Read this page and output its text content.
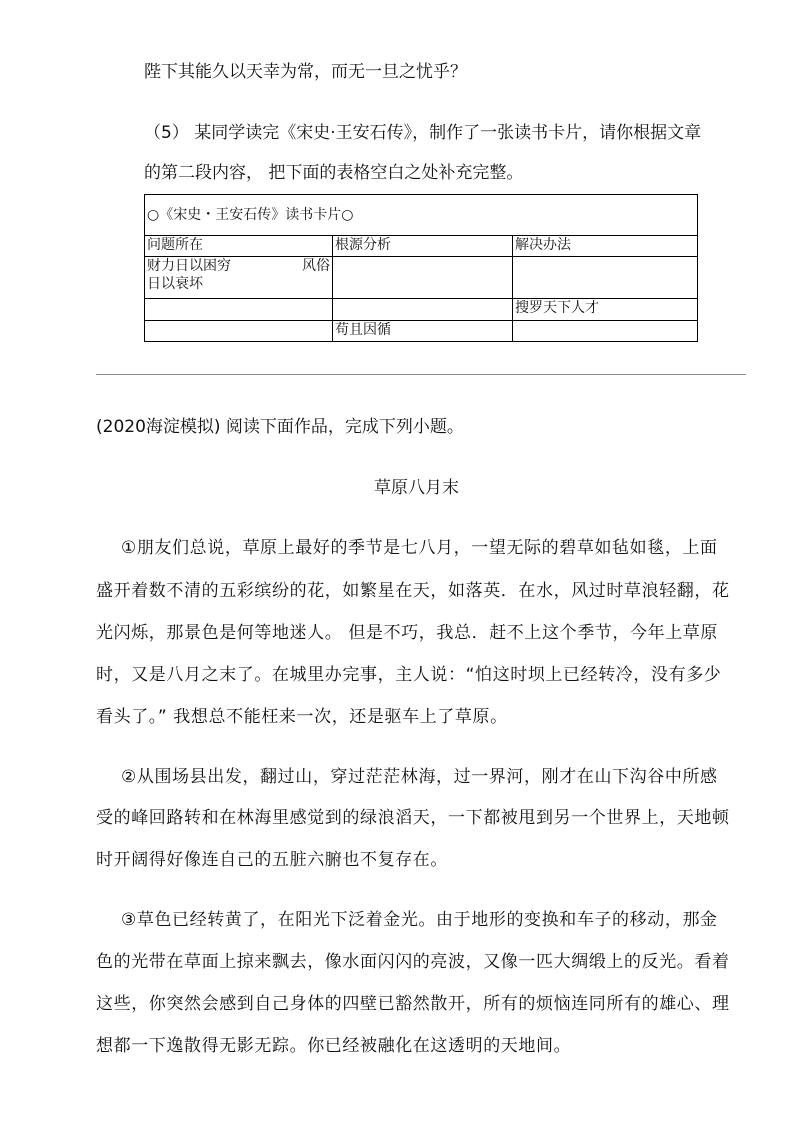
陛下其能久以天幸为常，而无一旦之忧乎？
（5） 某同学读完《宋史·王安石传》，制作了一张读书卡片，请你根据文章
的第二段内容， 把下面的表格空白之处补充完整。
○《宋史・王安石传》读书卡片○		
问题所在	根源分析	解决办法

财力日以困穷 风俗
日以衰坏		

		搜罗天下人才
	苟且因循	
(2020海淀模拟) 阅读下面作品，完成下列小题。
草原八月末
①朋友们总说，草原上最好的季节是七八月，一望无际的碧草如毡如毯，上面
盛开着数不清的五彩缤纷的花，如繁星在天，如落英．在水，风过时草浪轻翻，花
光闪烁，那景色是何等地迷人。 但是不巧，我总．赶不上这个季节，今年上草原
时，又是八月之末了。在城里办完事，主人说：“怕这时坝上已经转冷，没有多少
看头了。” 我想总不能枉来一次，还是驱车上了草原。
②从围场县出发，翻过山，穿过茫茫林海，过一界河，刚才在山下沟谷中所感
受的峰回路转和在林海里感觉到的绿浪滔天，一下都被甩到另一个世界上，天地顿
时开阔得好像连自己的五脏六腑也不复存在。
③草色已经转黄了，在阳光下泛着金光。由于地形的变换和车子的移动，那金
色的光带在草面上掠来飘去，像水面闪闪的亮波，又像一匹大绸缎上的反光。看着
这些，你突然会感到自己身体的四壁已豁然散开，所有的烦恼连同所有的雄心、理
想都一下逸散得无影无踪。你已经被融化在这透明的天地间。
